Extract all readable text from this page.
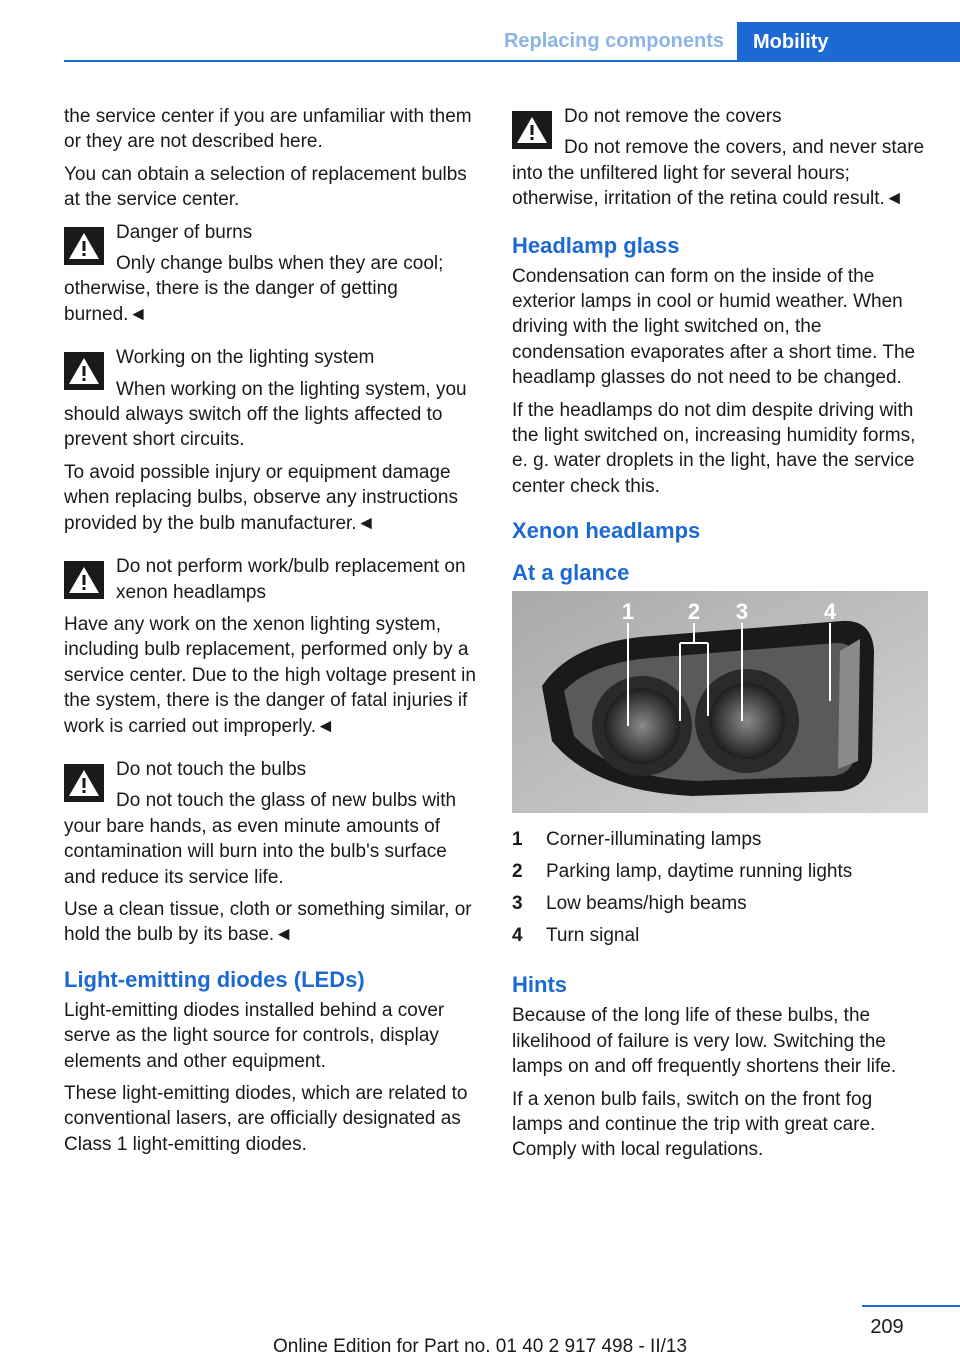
Replacing components	Mobility

the service center if you are unfamiliar with them or they are not described here.

You can obtain a selection of replacement bulbs at the service center.

Danger of burns

Only change bulbs when they are cool; otherwise, there is the danger of getting burned.◄

Working on the lighting system

When working on the lighting system, you should always switch off the lights affected to prevent short circuits.

To avoid possible injury or equipment damage when replacing bulbs, observe any instructions provided by the bulb manufacturer.◄

Do not perform work/bulb replacement on xenon headlamps

Have any work on the xenon lighting system, including bulb replacement, performed only by a service center. Due to the high voltage present in the system, there is the danger of fatal injuries if work is carried out improperly.◄

Do not touch the bulbs

Do not touch the glass of new bulbs with your bare hands, as even minute amounts of contamination will burn into the bulb's surface and reduce its service life.

Use a clean tissue, cloth or something similar, or hold the bulb by its base.◄

Light-emitting diodes (LEDs)

Light-emitting diodes installed behind a cover serve as the light source for controls, display elements and other equipment.

These light-emitting diodes, which are related to conventional lasers, are officially designated as Class 1 light-emitting diodes.

Do not remove the covers

Do not remove the covers, and never stare into the unfiltered light for several hours; otherwise, irritation of the retina could result.◄

Headlamp glass

Condensation can form on the inside of the exterior lamps in cool or humid weather. When driving with the light switched on, the condensation evaporates after a short time. The headlamp glasses do not need to be changed.

If the headlamps do not dim despite driving with the light switched on, increasing humidity forms, e. g. water droplets in the light, have the service center check this.

Xenon headlamps
At a glance
1 2 3	4
1	Corner-illuminating lamps
2	Parking lamp, daytime running lights
3	Low beams/high beams
4	Turn signal
Hints

Because of the long life of these bulbs, the likelihood of failure is very low. Switching the lamps on and off frequently shortens their life.

If a xenon bulb fails, switch on the front fog lamps and continue the trip with great care. Comply with local regulations.

209
Online Edition for Part no. 01 40 2 917 498 - II/13
